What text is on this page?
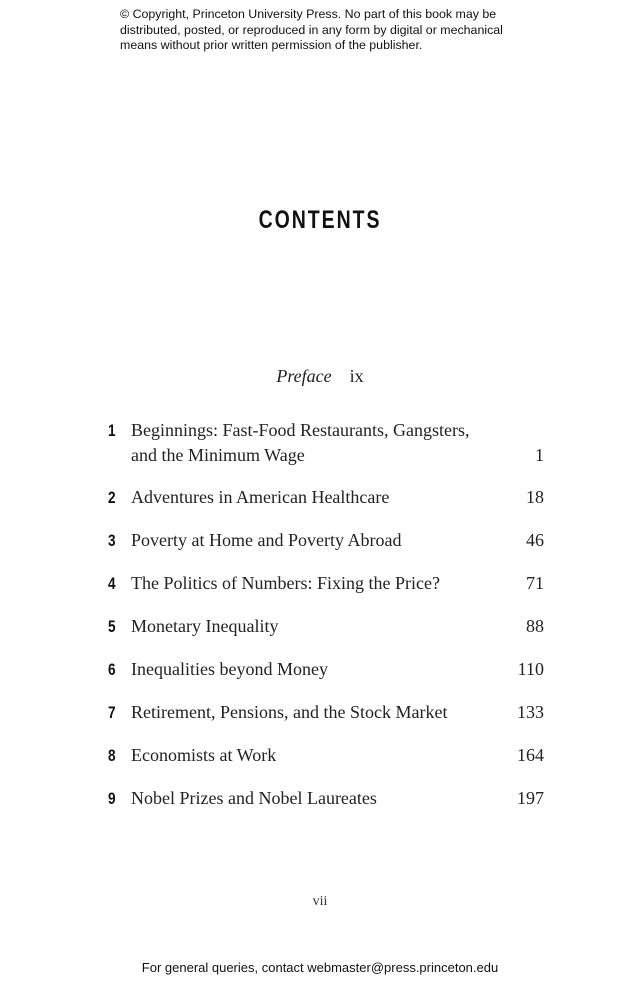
© Copyright, Princeton University Press. No part of this book may be
distributed, posted, or reproduced in any form by digital or mechanical
means without prior written permission of the publisher.
CONTENTS
Preface ix
1 Beginnings: Fast-Food Restaurants, Gangsters,
and the Minimum Wage	1
2 Adventures in American Healthcare	18
3 Poverty at Home and Poverty Abroad	46
4 The Politics of Numbers: Fixing the Price?	71
5 Monetary Inequality	88
6 Inequalities beyond Money	110
7 Retirement, Pensions, and the Stock Market	133
8 Economists at Work	164
9 Nobel Prizes and Nobel Laureates	197
vii
For general queries, contact webmaster@press.princeton.edu
